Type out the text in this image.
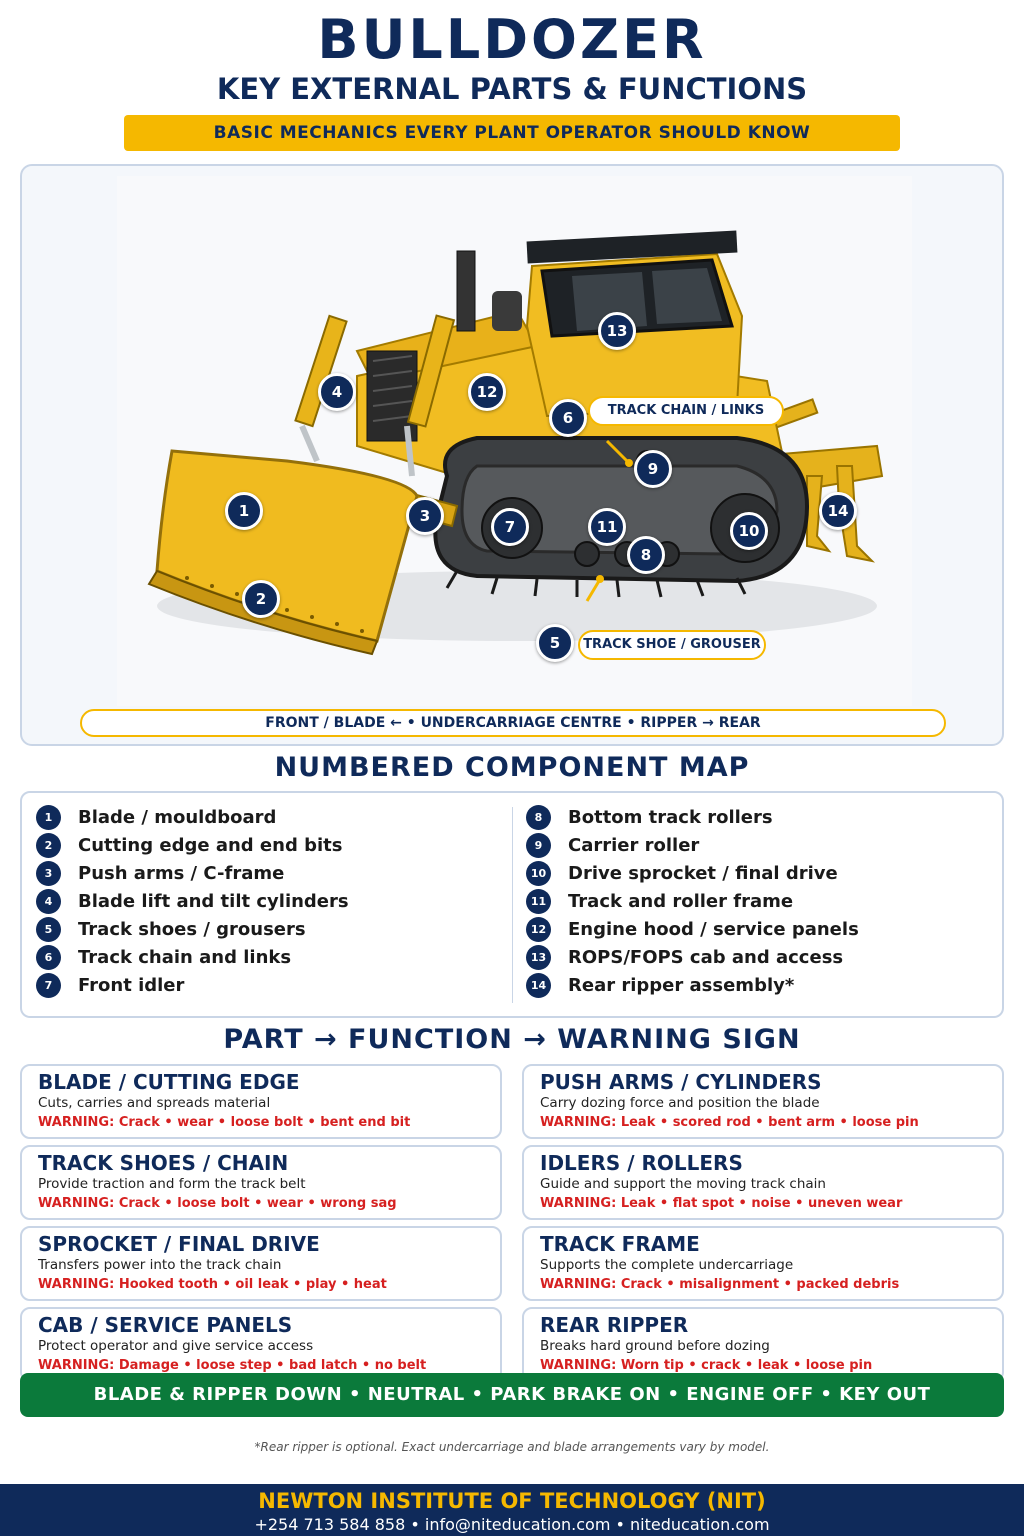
BULLDOZER
KEY EXTERNAL PARTS & FUNCTIONS
BASIC MECHANICS EVERY PLANT OPERATOR SHOULD KNOW
TRACK CHAIN / LINKS
TRACK SHOE / GROUSER
1
2
3
4
5
6
7
8
9
10
11
12
13
14
FRONT / BLADE ← • UNDERCARRIAGE CENTRE • RIPPER → REAR
NUMBERED COMPONENT MAP
1	Blade / mouldboard
2	Cutting edge and end bits
3	Push arms / C-frame
4	Blade lift and tilt cylinders
5	Track shoes / grousers
6	Track chain and links
7	Front idler
8	Bottom track rollers
9	Carrier roller
10 Drive sprocket / final drive
11 Track and roller frame
12 Engine hood / service panels
13 ROPS/FOPS cab and access
14 Rear ripper assembly*
PART → FUNCTION → WARNING SIGN
BLADE / CUTTING EDGE
Cuts, carries and spreads material
WARNING: Crack • wear • loose bolt • bent end bit
PUSH ARMS / CYLINDERS
Carry dozing force and position the blade
WARNING: Leak • scored rod • bent arm • loose pin
TRACK SHOES / CHAIN
Provide traction and form the track belt
WARNING: Crack • loose bolt • wear • wrong sag
IDLERS / ROLLERS
Guide and support the moving track chain
WARNING: Leak • flat spot • noise • uneven wear
SPROCKET / FINAL DRIVE
Transfers power into the track chain
WARNING: Hooked tooth • oil leak • play • heat
TRACK FRAME
Supports the complete undercarriage
WARNING: Crack • misalignment • packed debris
CAB / SERVICE PANELS
Protect operator and give service access
WARNING: Damage • loose step • bad latch • no belt
REAR RIPPER
Breaks hard ground before dozing
WARNING: Worn tip • crack • leak • loose pin
BLADE & RIPPER DOWN • NEUTRAL • PARK BRAKE ON • ENGINE OFF • KEY OUT
*Rear ripper is optional. Exact undercarriage and blade arrangements vary by model.
NEWTON INSTITUTE OF TECHNOLOGY (NIT)
+254 713 584 858 • info@niteducation.com • niteducation.com
